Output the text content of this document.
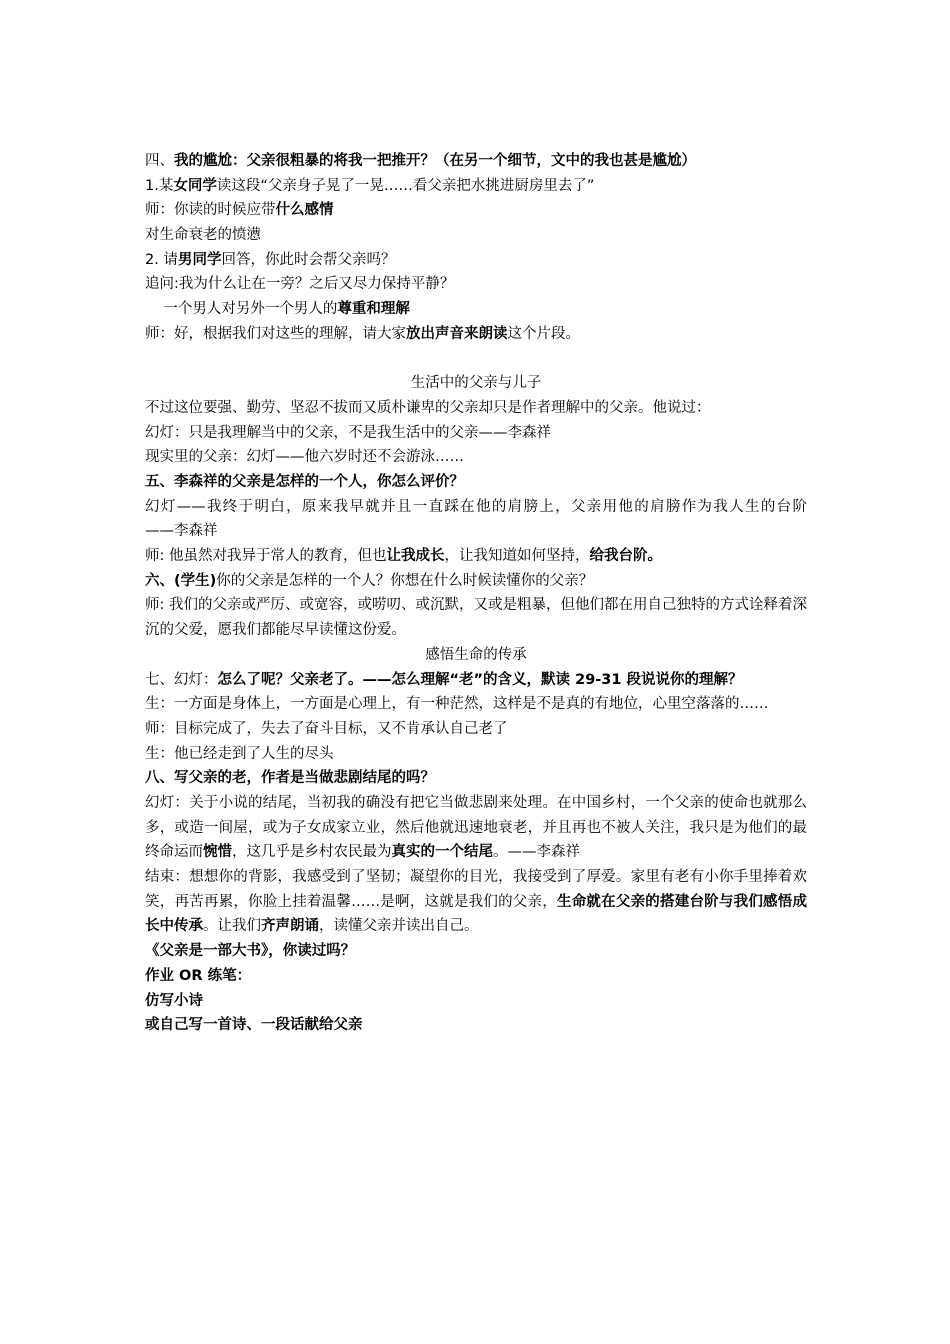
四、我的尴尬：父亲很粗暴的将我一把推开？（在另一个细节，文中的我也甚是尴尬）
1.某女同学读这段“父亲身子晃了一晃……看父亲把水挑进厨房里去了”
师：你读的时候应带什么感情
对生命衰老的愤懑
2. 请男同学回答，你此时会帮父亲吗？
追问:我为什么让在一旁？之后又尽力保持平静？
一个男人对另外一个男人的尊重和理解
师：好，根据我们对这些的理解，请大家放出声音来朗读这个片段。
生活中的父亲与儿子
不过这位要强、勤劳、坚忍不拔而又质朴谦卑的父亲却只是作者理解中的父亲。他说过：
幻灯：只是我理解当中的父亲，不是我生活中的父亲——李森祥
现实里的父亲：幻灯——他六岁时还不会游泳……
五、李森祥的父亲是怎样的一个人，你怎么评价？
幻灯——我终于明白，原来我早就并且一直踩在他的肩膀上，父亲用他的肩膀作为我人生的台阶　　　——李森祥
师: 他虽然对我异于常人的教育，但也让我成长，让我知道如何坚持，给我台阶。
六、(学生)你的父亲是怎样的一个人？你想在什么时候读懂你的父亲？
师: 我们的父亲或严厉、或宽容，或唠叨、或沉默，又或是粗暴，但他们都在用自己独特的方式诠释着深沉的父爱，愿我们都能尽早读懂这份爱。
感悟生命的传承
七、幻灯：怎么了呢？父亲老了。——怎么理解“老”的含义，默读 29-31 段说说你的理解？
生：一方面是身体上，一方面是心理上，有一种茫然，这样是不是真的有地位，心里空落落的……
师：目标完成了，失去了奋斗目标，又不肯承认自己老了
生：他已经走到了人生的尽头
八、写父亲的老，作者是当做悲剧结尾的吗？
幻灯：关于小说的结尾，当初我的确没有把它当做悲剧来处理。在中国乡村，一个父亲的使命也就那么多，或造一间屋，或为子女成家立业，然后他就迅速地衰老，并且再也不被人关注，我只是为他们的最终命运而惋惜，这几乎是乡村农民最为真实的一个结尾。——李森祥
结束：想想你的背影，我感受到了坚韧；凝望你的目光，我接受到了厚爱。家里有老有小你手里捧着欢笑，再苦再累，你脸上挂着温馨……是啊，这就是我们的父亲，生命就在父亲的搭建台阶与我们感悟成长中传承。让我们齐声朗诵，读懂父亲并读出自己。
《父亲是一部大书》，你读过吗？
作业 OR 练笔：
仿写小诗
或自己写一首诗、一段话献给父亲
